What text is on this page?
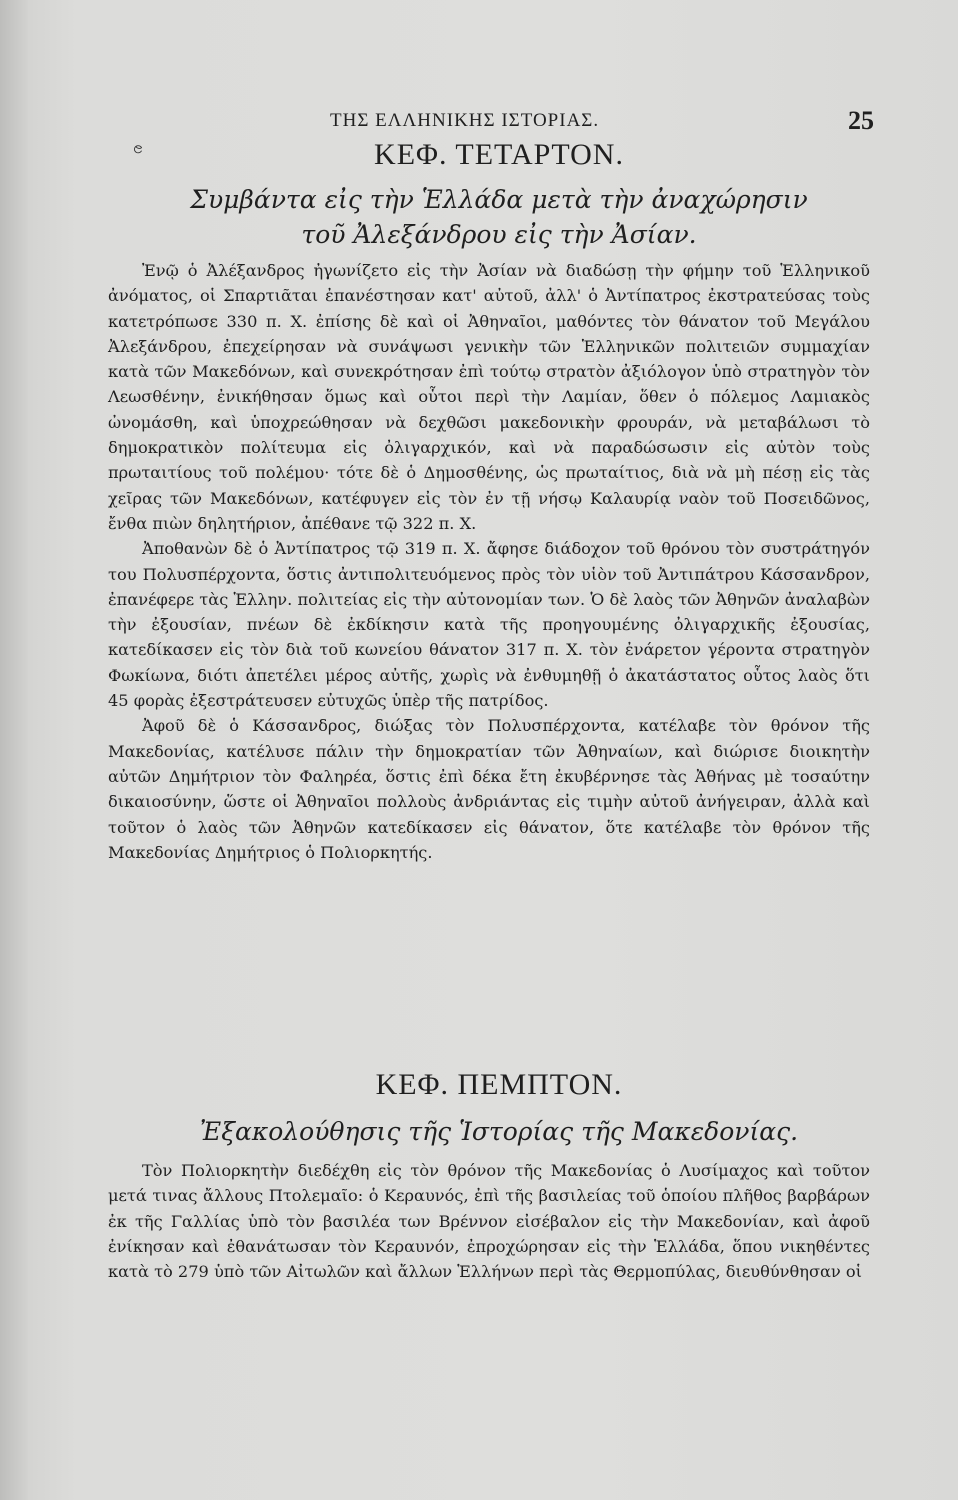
ΤΗΣ ΕΛΛΗΝΙΚΗΣ ΙΣΤΟΡΙΑΣ.	25
ၔ	ΚΕΦ. ΤΕΤΑΡΤΟΝ.
Συμβάντα εἰς τὴν Ἑλλάδα μετὰ τὴν ἀναχώρησιν
τοῦ Ἀλεξάνδρου εἰς τὴν Ἀσίαν.

Ἐνῷ ὁ Ἀλέξανδρος ἠγωνίζετο εἰς τὴν Ἀσίαν νὰ διαδώσῃ τὴν φήμην τοῦ Ἑλληνικοῦ ἀνόματος, οἱ Σπαρτιᾶται ἐπανέστησαν κατ' αὐτοῦ, ἀλλ' ὁ Ἀντίπατρος ἐκστρατεύσας τοὺς κατετρόπωσε 330 π. Χ. ἐπίσης δὲ καὶ οἱ Ἀθηναῖοι, μαθόντες τὸν θάνατον τοῦ Μεγάλου Ἀλεξάνδρου, ἐπεχείρησαν νὰ συνάψωσι γενικὴν τῶν Ἑλληνικῶν πολιτειῶν συμμαχίαν κατὰ τῶν Μακεδόνων, καὶ συνεκρότησαν ἐπὶ τούτῳ στρατὸν ἀξιόλογον ὑπὸ στρατηγὸν τὸν Λεωσθένην, ἐνικήθησαν ὅμως καὶ οὗτοι περὶ τὴν Λαμίαν, ὅθεν ὁ πόλεμος Λαμιακὸς ὠνομάσθη, καὶ ὑποχρεώθησαν νὰ δεχθῶσι μακεδονικὴν φρουράν, νὰ μεταβάλωσι τὸ δημοκρατικὸν πολίτευμα εἰς ὀλιγαρχικόν, καὶ νὰ παραδώσωσιν εἰς αὐτὸν τοὺς πρωταιτίους τοῦ πολέμου· τότε δὲ ὁ Δημοσθένης, ὡς πρωταίτιος, διὰ νὰ μὴ πέσῃ εἰς τὰς χεῖρας τῶν Μακεδόνων, κατέφυγεν εἰς τὸν ἐν τῇ νήσῳ Καλαυρίᾳ ναὸν τοῦ Ποσειδῶνος, ἔνθα πιὼν δηλητήριον, ἀπέθανε τῷ 322 π. Χ.

Ἀποθανὼν δὲ ὁ Ἀντίπατρος τῷ 319 π. Χ. ἄφησε διάδοχον τοῦ θρόνου τὸν συστράτηγόν του Πολυσπέρχοντα, ὅστις ἀντιπολιτευόμενος πρὸς τὸν υἱὸν τοῦ Ἀντιπάτρου Κάσσανδρον, ἐπανέφερε τὰς Ἑλλην. πολιτείας εἰς τὴν αὐτονομίαν των. Ὁ δὲ λαὸς τῶν Ἀθηνῶν ἀναλαβὼν τὴν ἐξουσίαν, πνέων δὲ ἐκδίκησιν κατὰ τῆς προηγουμένης ὀλιγαρχικῆς ἐξουσίας, κατεδίκασεν εἰς τὸν διὰ τοῦ κωνείου θάνατον 317 π. Χ. τὸν ἐνάρετον γέροντα στρατηγὸν Φωκίωνα, διότι ἀπετέλει μέρος αὐτῆς, χωρὶς νὰ ἐνθυμηθῇ ὁ ἀκατάστατος οὗτος λαὸς ὅτι 45 φορὰς ἐξεστράτευσεν εὐτυχῶς ὑπὲρ τῆς πατρίδος.

Ἀφοῦ δὲ ὁ Κάσσανδρος, διώξας τὸν Πολυσπέρχοντα, κατέλαβε τὸν θρόνον τῆς Μακεδονίας, κατέλυσε πάλιν τὴν δημοκρατίαν τῶν Ἀθηναίων, καὶ διώρισε διοικητὴν αὐτῶν Δημήτριον τὸν Φαληρέα, ὅστις ἐπὶ δέκα ἔτη ἐκυβέρνησε τὰς Ἀθήνας μὲ τοσαύτην δικαιοσύνην, ὥστε οἱ Ἀθηναῖοι πολλοὺς ἀνδριάντας εἰς τιμὴν αὐτοῦ ἀνήγειραν, ἀλλὰ καὶ τοῦτον ὁ λαὸς τῶν Ἀθηνῶν κατεδίκασεν εἰς θάνατον, ὅτε κατέλαβε τὸν θρόνον τῆς Μακεδονίας Δημήτριος ὁ Πολιορκητής.

ΚΕΦ. ΠΕΜΠΤΟΝ.
Ἐξακολούθησις τῆς Ἱστορίας τῆς Μακεδονίας.

Τὸν Πολιορκητὴν διεδέχθη εἰς τὸν θρόνον τῆς Μακεδονίας ὁ Λυσίμαχος καὶ τοῦτον μετά τινας ἄλλους Πτολεμαῖο: ὁ Κεραυνός, ἐπὶ τῆς βασιλείας τοῦ ὁποίου πλῆθος βαρβάρων ἐκ τῆς Γαλλίας ὑπὸ τὸν βασιλέα των Βρέννον εἰσέβαλον εἰς τὴν Μακεδονίαν, καὶ ἀφοῦ ἐνίκησαν καὶ ἐθανάτωσαν τὸν Κεραυνόν, ἐπροχώρησαν εἰς τὴν Ἑλλάδα, ὅπου νικηθέντες κατὰ τὸ 279 ὑπὸ τῶν Αἰτωλῶν καὶ ἄλλων Ἑλλήνων περὶ τὰς Θερμοπύλας, διευθύνθησαν οἱ
